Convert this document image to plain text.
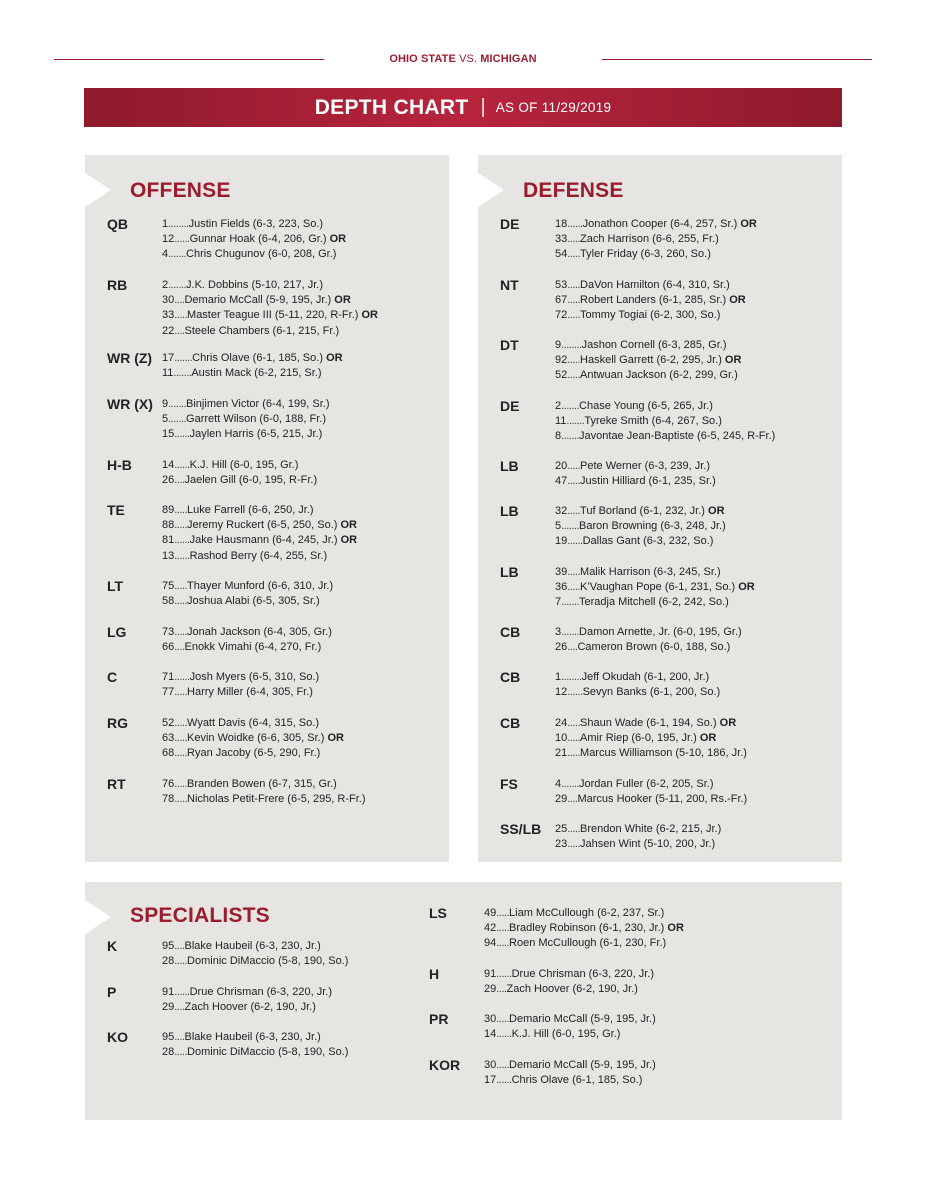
OHIO STATE VS. MICHIGAN
DEPTH CHART | AS OF 11/29/2019
OFFENSE
QB	1........Justin Fields (6-3, 223, So.)
12......Gunnar Hoak (6-4, 206, Gr.) OR
4.......Chris Chugunov (6-0, 208, Gr.)
RB	2.......J.K. Dobbins (5-10, 217, Jr.)
30....Demario McCall (5-9, 195, Jr.) OR
33.....Master Teague III (5-11, 220, R-Fr.) OR
22....Steele Chambers (6-1, 215, Fr.)
WR (Z) 17.......Chris Olave (6-1, 185, So.) OR
11.......Austin Mack (6-2, 215, Sr.)
WR (X) 9.......Binjimen Victor (6-4, 199, Sr.)
5.......Garrett Wilson (6-0, 188, Fr.)
15......Jaylen Harris (6-5, 215, Jr.)
H-B	14......K.J. Hill (6-0, 195, Gr.)
26....Jaelen Gill (6-0, 195, R-Fr.)
TE	89.....Luke Farrell (6-6, 250, Jr.)
88.....Jeremy Ruckert (6-5, 250, So.) OR
81......Jake Hausmann (6-4, 245, Jr.) OR
13......Rashod Berry (6-4, 255, Sr.)
LT	75.....Thayer Munford (6-6, 310, Jr.)
58.....Joshua Alabi (6-5, 305, Sr.)
LG	73.....Jonah Jackson (6-4, 305, Gr.)
66....Enokk Vimahi (6-4, 270, Fr.)
C	71......Josh Myers (6-5, 310, So.)
77.....Harry Miller (6-4, 305, Fr.)
RG	52.....Wyatt Davis (6-4, 315, So.)
63.....Kevin Woidke (6-6, 305, Sr.) OR
68.....Ryan Jacoby (6-5, 290, Fr.)
RT	76.....Branden Bowen (6-7, 315, Gr.)
78.....Nicholas Petit-Frere (6-5, 295, R-Fr.)
DEFENSE
DE	18......Jonathon Cooper (6-4, 257, Sr.) OR
33.....Zach Harrison (6-6, 255, Fr.)
54.....Tyler Friday (6-3, 260, So.)
NT	53.....DaVon Hamilton (6-4, 310, Sr.)
67.....Robert Landers (6-1, 285, Sr.) OR
72.....Tommy Togiai (6-2, 300, So.)
DT	9........Jashon Cornell (6-3, 285, Gr.)
92.....Haskell Garrett (6-2, 295, Jr.) OR
52.....Antwuan Jackson (6-2, 299, Gr.)
DE	2.......Chase Young (6-5, 265, Jr.)
11.......Tyreke Smith (6-4, 267, So.)
8.......Javontae Jean-Baptiste (6-5, 245, R-Fr.)
LB	20.....Pete Werner (6-3, 239, Jr.)
47.....Justin Hilliard (6-1, 235, Sr.)
LB	32.....Tuf Borland (6-1, 232, Jr.) OR
5.......Baron Browning (6-3, 248, Jr.)
19......Dallas Gant (6-3, 232, So.)
LB	39.....Malik Harrison (6-3, 245, Sr.)
36.....K’Vaughan Pope (6-1, 231, So.) OR
7.......Teradja Mitchell (6-2, 242, So.)
CB	3.......Damon Arnette, Jr. (6-0, 195, Gr.)
26....Cameron Brown (6-0, 188, So.)
CB	1........Jeff Okudah (6-1, 200, Jr.)
12......Sevyn Banks (6-1, 200, So.)
CB	24.....Shaun Wade (6-1, 194, So.) OR
10.....Amir Riep (6-0, 195, Jr.) OR
21.....Marcus Williamson (5-10, 186, Jr.)
FS	4.......Jordan Fuller (6-2, 205, Sr.)
29....Marcus Hooker (5-11, 200, Rs.-Fr.)
SS/LB 25.....Brendon White (6-2, 215, Jr.)
23.....Jahsen Wint (5-10, 200, Jr.)
SPECIALISTS
K	95....Blake Haubeil (6-3, 230, Jr.)
28.....Dominic DiMaccio (5-8, 190, So.)
P	91......Drue Chrisman (6-3, 220, Jr.)
29....Zach Hoover (6-2, 190, Jr.)
KO	95....Blake Haubeil (6-3, 230, Jr.)
28.....Dominic DiMaccio (5-8, 190, So.)
LS	49.....Liam McCullough (6-2, 237, Sr.)
42.....Bradley Robinson (6-1, 230, Jr.) OR
94.....Roen McCullough (6-1, 230, Fr.)
H	91......Drue Chrisman (6-3, 220, Jr.)
29....Zach Hoover (6-2, 190, Jr.)
PR	30.....Demario McCall (5-9, 195, Jr.)
14......K.J. Hill (6-0, 195, Gr.)
KOR 30.....Demario McCall (5-9, 195, Jr.)
17......Chris Olave (6-1, 185, So.)
